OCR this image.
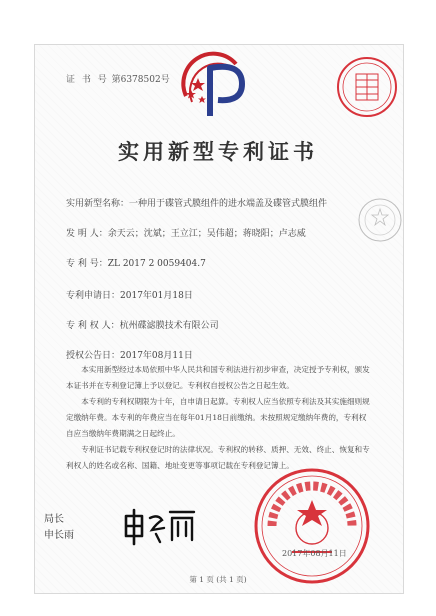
证 书 号 第6378502号
实用新型专利证书
实用新型名称：一种用于碟管式膜组件的进水端盖及碟管式膜组件
发 明 人：余天云；沈斌；王立江；吴伟超；蒋晓阳；卢志威
专 利 号：ZL 2017 2 0059404.7
专利申请日：2017年01月18日
专 利 权 人：杭州碟滤膜技术有限公司
授权公告日：2017年08月11日

本实用新型经过本局依照中华人民共和国专利法进行初步审查，决定授予专利权，颁发本证书并在专利登记簿上予以登记。专利权自授权公告之日起生效。

本专利的专利权期限为十年，自申请日起算。专利权人应当依照专利法及其实施细则规定缴纳年费。本专利的年费应当在每年01月18日前缴纳。未按照规定缴纳年费的，专利权自应当缴纳年费期满之日起终止。

专利证书记载专利权登记时的法律状况。专利权的转移、质押、无效、终止、恢复和专利权人的姓名或名称、国籍、地址变更等事项记载在专利登记簿上。

局长
申长雨
2017年08月11日
第 1 页 (共 1 页)
